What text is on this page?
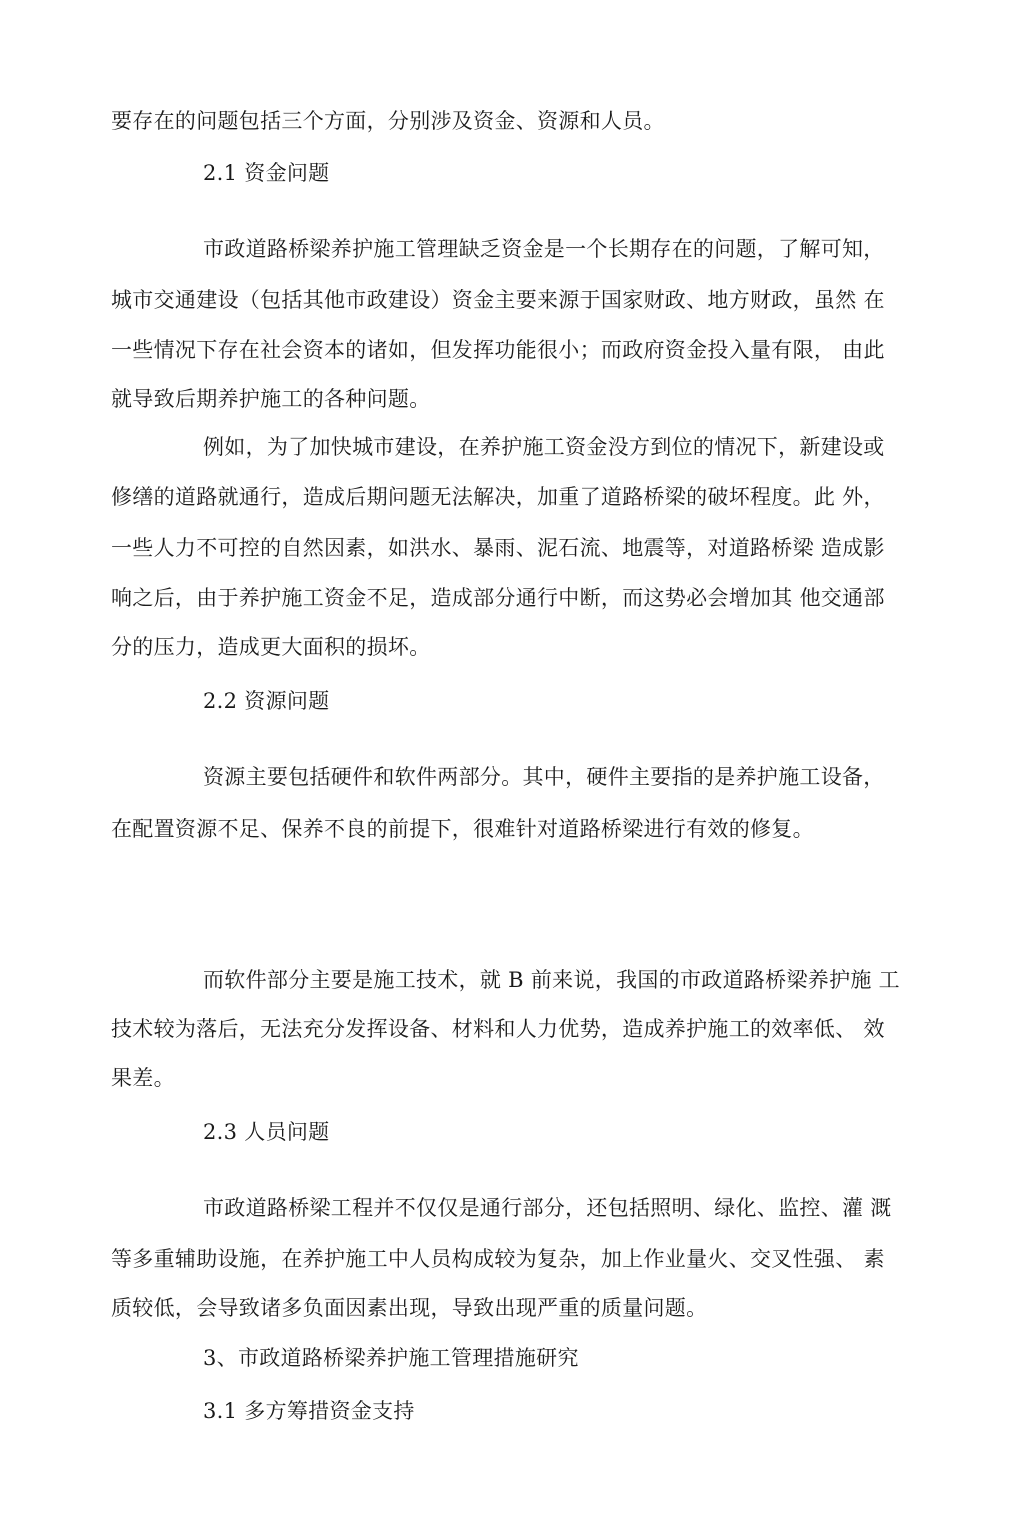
要存在的问题包括三个方面，分别涉及资金、资源和人员。
2.1 资金问题
市政道路桥梁养护施工管理缺乏资金是一个长期存在的问题，了解可知，
城市交通建设（包括其他市政建设）资金主要来源于国家财政、地方财政，虽然 在
一些情况下存在社会资本的诸如，但发挥功能很小；而政府资金投入量有限， 由此
就导致后期养护施工的各种问题。
例如，为了加快城市建设，在养护施工资金没方到位的情况下，新建设或
修缮的道路就通行，造成后期问题无法解决，加重了道路桥梁的破坏程度。此 外，
一些人力不可控的自然因素，如洪水、暴雨、泥石流、地震等，对道路桥梁 造成影
响之后，由于养护施工资金不足，造成部分通行中断，而这势必会增加其 他交通部
分的压力，造成更大面积的损坏。
2.2 资源问题
资源主要包括硬件和软件两部分。其中，硬件主要指的是养护施工设备，
在配置资源不足、保养不良的前提下，很难针对道路桥梁进行有效的修复。
而软件部分主要是施工技术，就 B 前来说，我国的市政道路桥梁养护施 工
技术较为落后，无法充分发挥设备、材料和人力优势，造成养护施工的效率低、 效
果差。
2.3 人员问题
市政道路桥梁工程并不仅仅是通行部分，还包括照明、绿化、监控、灌 溉
等多重辅助设施，在养护施工中人员构成较为复杂，加上作业量火、交叉性强、 素
质较低，会导致诸多负面因素出现，导致出现严重的质量问题。
3、市政道路桥梁养护施工管理措施研究
3.1 多方筹措资金支持
